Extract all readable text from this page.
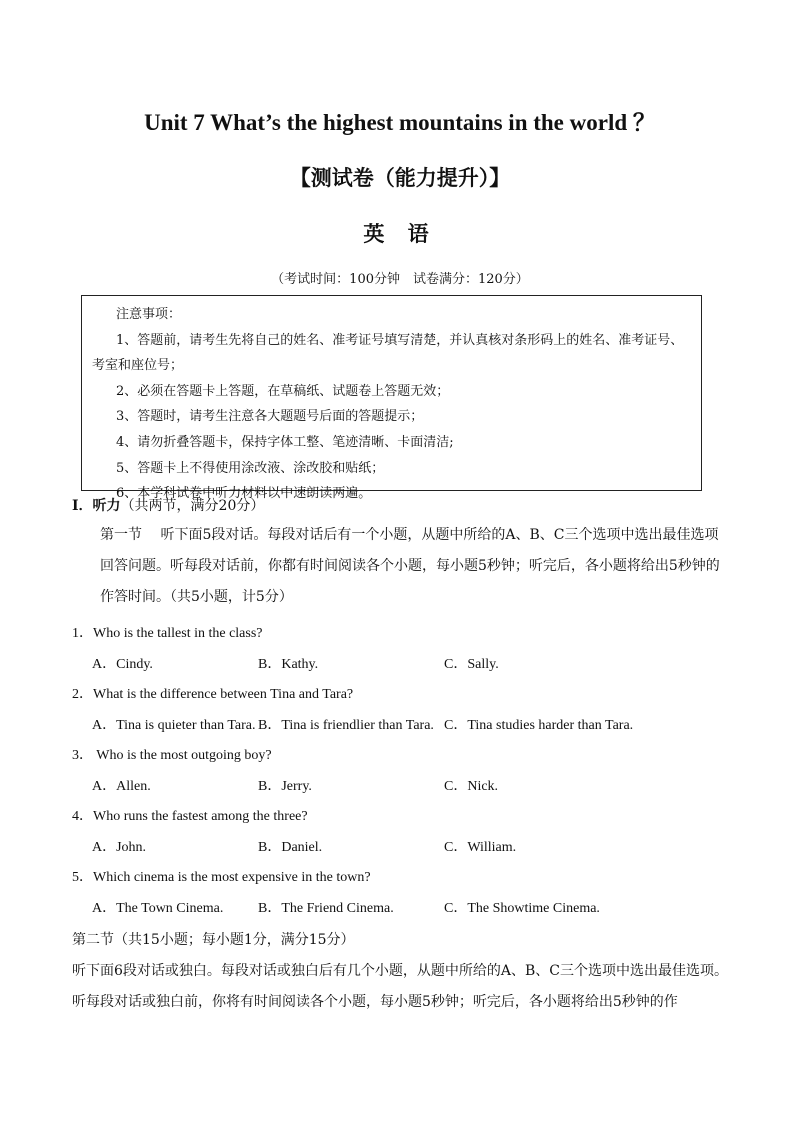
Unit 7 What’s the highest mountains in the world ？
【测试卷（能力提升）】
英 语
（考试时间：100分钟　试卷满分：120分）
注意事项：
1、答题前，请考生先将自己的姓名、准考证号填写清楚，并认真核对条形码上的姓名、准考证号、考室和座位号；
2、必须在答题卡上答题，在草稿纸、试题卷上答题无效；
3、答题时，请考生注意各大题题号后面的答题提示；
4、请勿折叠答题卡，保持字体工整、笔迹清晰、卡面清洁;
5、答题卡上不得使用涂改液、涂改胶和贴纸；
6、本学科试卷中听力材料以中速朗读两遍。
I．听力（共两节，满分20分）
第一节　 听下面5段对话。每段对话后有一个小题，从题中所给的A、B、C三个选项中选出最佳选项回答问题。听每段对话前，你都有时间阅读各个小题，每小题5秒钟；听完后，各小题将给出5秒钟的作答时间。（共5小题，计5分）
1．Who is the tallest in the class?
A．Cindy.	B．Kathy.	C．Sally.
2．What is the difference between Tina and Tara?
A．Tina is quieter than Tara. B．Tina is friendlier than Tara. C．Tina studies harder than Tara.
3． Who is the most outgoing boy?
A．Allen.	B．Jerry.	C．Nick.
4．Who runs the fastest among the three?
A．John.	B．Daniel.	C．William.
5．Which cinema is the most expensive in the town?
A．The Town Cinema. B．The Friend Cinema.	C．The Showtime Cinema.
第二节（共15小题；每小题1分，满分15分）
听下面6段对话或独白。每段对话或独白后有几个小题，从题中所给的A、B、C三个选项中选出最佳选项。听每段对话或独白前，你将有时间阅读各个小题，每小题5秒钟；听完后，各小题将给出5秒钟的作
